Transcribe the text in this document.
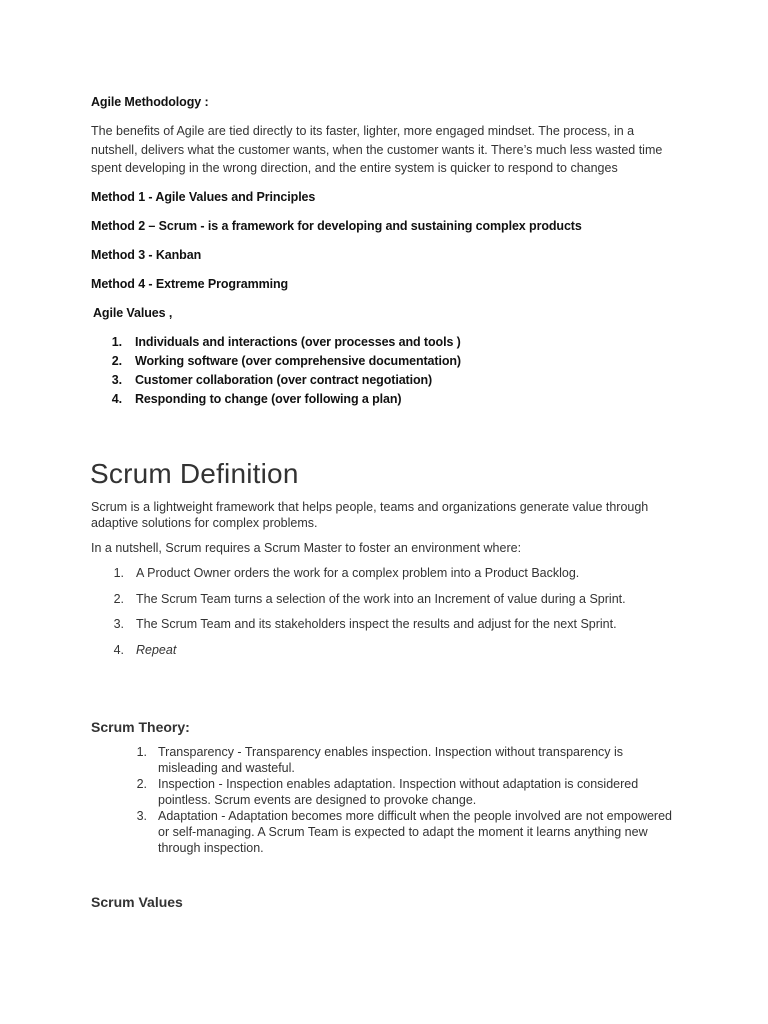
Agile Methodology :
The benefits of Agile are tied directly to its faster, lighter, more engaged mindset. The process, in a nutshell, delivers what the customer wants, when the customer wants it. There’s much less wasted time spent developing in the wrong direction, and the entire system is quicker to respond to changes
Method 1 - Agile Values and Principles
Method 2 – Scrum - is a framework for developing and sustaining complex products
Method 3 - Kanban
Method 4 - Extreme Programming
Agile Values ,
1. Individuals and interactions (over processes and tools )
2. Working software (over comprehensive documentation)
3. Customer collaboration (over contract negotiation)
4. Responding to change (over following a plan)
Scrum Definition
Scrum is a lightweight framework that helps people, teams and organizations generate value through adaptive solutions for complex problems.
In a nutshell, Scrum requires a Scrum Master to foster an environment where:
1. A Product Owner orders the work for a complex problem into a Product Backlog.
2. The Scrum Team turns a selection of the work into an Increment of value during a Sprint.
3. The Scrum Team and its stakeholders inspect the results and adjust for the next Sprint.
4. Repeat
Scrum Theory:
1. Transparency - Transparency enables inspection. Inspection without transparency is misleading and wasteful.
2. Inspection - Inspection enables adaptation. Inspection without adaptation is considered pointless. Scrum events are designed to provoke change.
3. Adaptation - Adaptation becomes more difficult when the people involved are not empowered or self-managing. A Scrum Team is expected to adapt the moment it learns anything new through inspection.
Scrum Values
